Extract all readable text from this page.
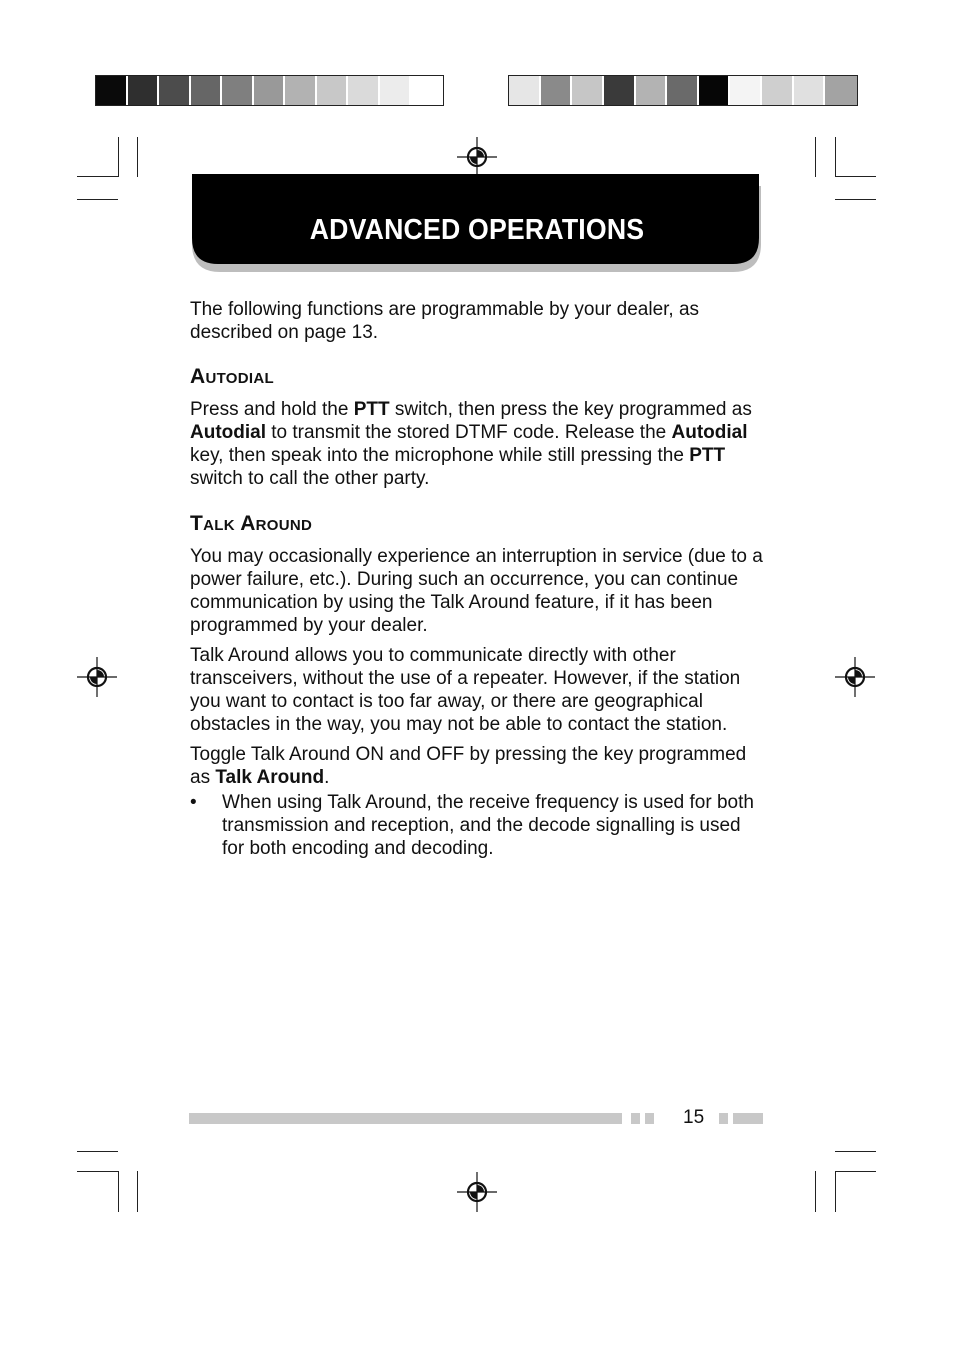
ADVANCED OPERATIONS

The following functions are programmable by your dealer, as described on page 13.

Autodial

Press and hold the PTT switch, then press the key programmed as Autodial to transmit the stored DTMF code. Release the Autodial key, then speak into the microphone while still pressing the PTT switch to call the other party.

Talk Around

You may occasionally experience an interruption in service (due to a power failure, etc.). During such an occurrence, you can continue communication by using the Talk Around feature, if it has been programmed by your dealer.

Talk Around allows you to communicate directly with other transceivers, without the use of a repeater. However, if the station you want to contact is too far away, or there are geographical obstacles in the way, you may not be able to contact the station.

Toggle Talk Around ON and OFF by pressing the key programmed as Talk Around.

•	When using Talk Around, the receive frequency is used for both transmission and reception, and the decode signalling is used for both encoding and decoding.
15
